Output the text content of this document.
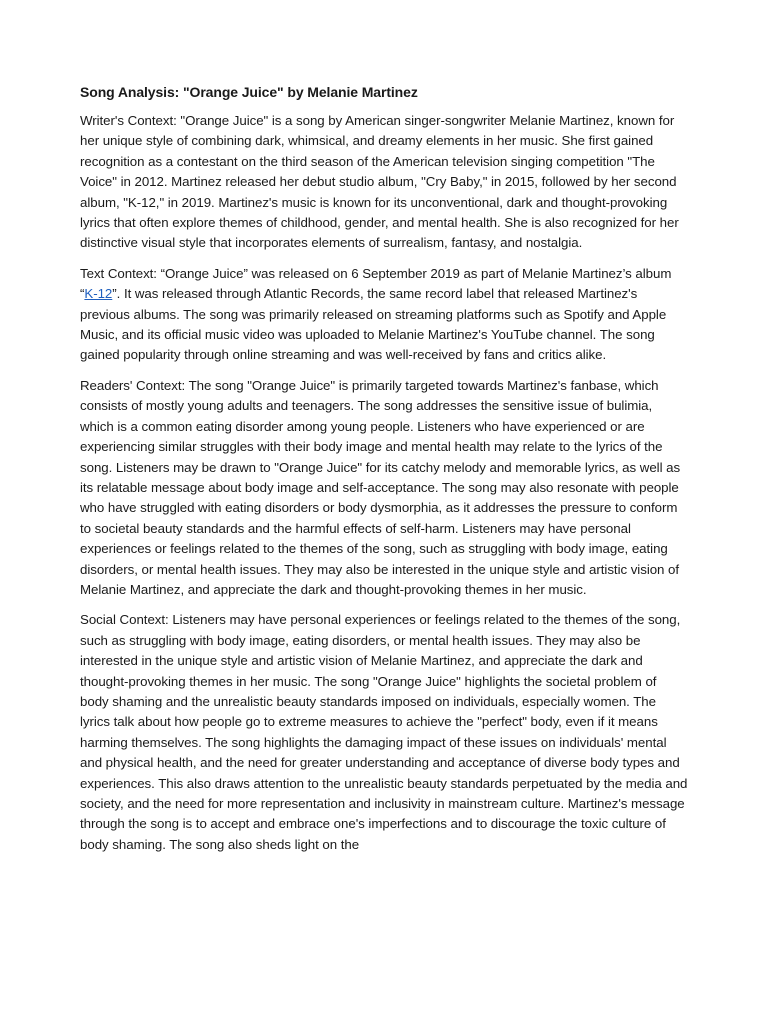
Song Analysis: "Orange Juice" by Melanie Martinez

Writer's Context: "Orange Juice" is a song by American singer-songwriter Melanie Martinez, known for her unique style of combining dark, whimsical, and dreamy elements in her music. She first gained recognition as a contestant on the third season of the American television singing competition "The Voice" in 2012. Martinez released her debut studio album, "Cry Baby," in 2015, followed by her second album, "K-12," in 2019. Martinez's music is known for its unconventional, dark and thought-provoking lyrics that often explore themes of childhood, gender, and mental health. She is also recognized for her distinctive visual style that incorporates elements of surrealism, fantasy, and nostalgia.

Text Context: “Orange Juice” was released on 6 September 2019 as part of Melanie Martinez’s album “K-12”. It was released through Atlantic Records, the same record label that released Martinez's previous albums. The song was primarily released on streaming platforms such as Spotify and Apple Music, and its official music video was uploaded to Melanie Martinez's YouTube channel. The song gained popularity through online streaming and was well-received by fans and critics alike.

Readers' Context: The song "Orange Juice" is primarily targeted towards Martinez's fanbase, which consists of mostly young adults and teenagers. The song addresses the sensitive issue of bulimia, which is a common eating disorder among young people. Listeners who have experienced or are experiencing similar struggles with their body image and mental health may relate to the lyrics of the song. Listeners may be drawn to "Orange Juice" for its catchy melody and memorable lyrics, as well as its relatable message about body image and self-acceptance. The song may also resonate with people who have struggled with eating disorders or body dysmorphia, as it addresses the pressure to conform to societal beauty standards and the harmful effects of self-harm. Listeners may have personal experiences or feelings related to the themes of the song, such as struggling with body image, eating disorders, or mental health issues. They may also be interested in the unique style and artistic vision of Melanie Martinez, and appreciate the dark and thought-provoking themes in her music.

Social Context: Listeners may have personal experiences or feelings related to the themes of the song, such as struggling with body image, eating disorders, or mental health issues. They may also be interested in the unique style and artistic vision of Melanie Martinez, and appreciate the dark and thought-provoking themes in her music. The song "Orange Juice" highlights the societal problem of body shaming and the unrealistic beauty standards imposed on individuals, especially women. The lyrics talk about how people go to extreme measures to achieve the "perfect" body, even if it means harming themselves. The song highlights the damaging impact of these issues on individuals' mental and physical health, and the need for greater understanding and acceptance of diverse body types and experiences. This also draws attention to the unrealistic beauty standards perpetuated by the media and society, and the need for more representation and inclusivity in mainstream culture. Martinez's message through the song is to accept and embrace one's imperfections and to discourage the toxic culture of body shaming. The song also sheds light on the
